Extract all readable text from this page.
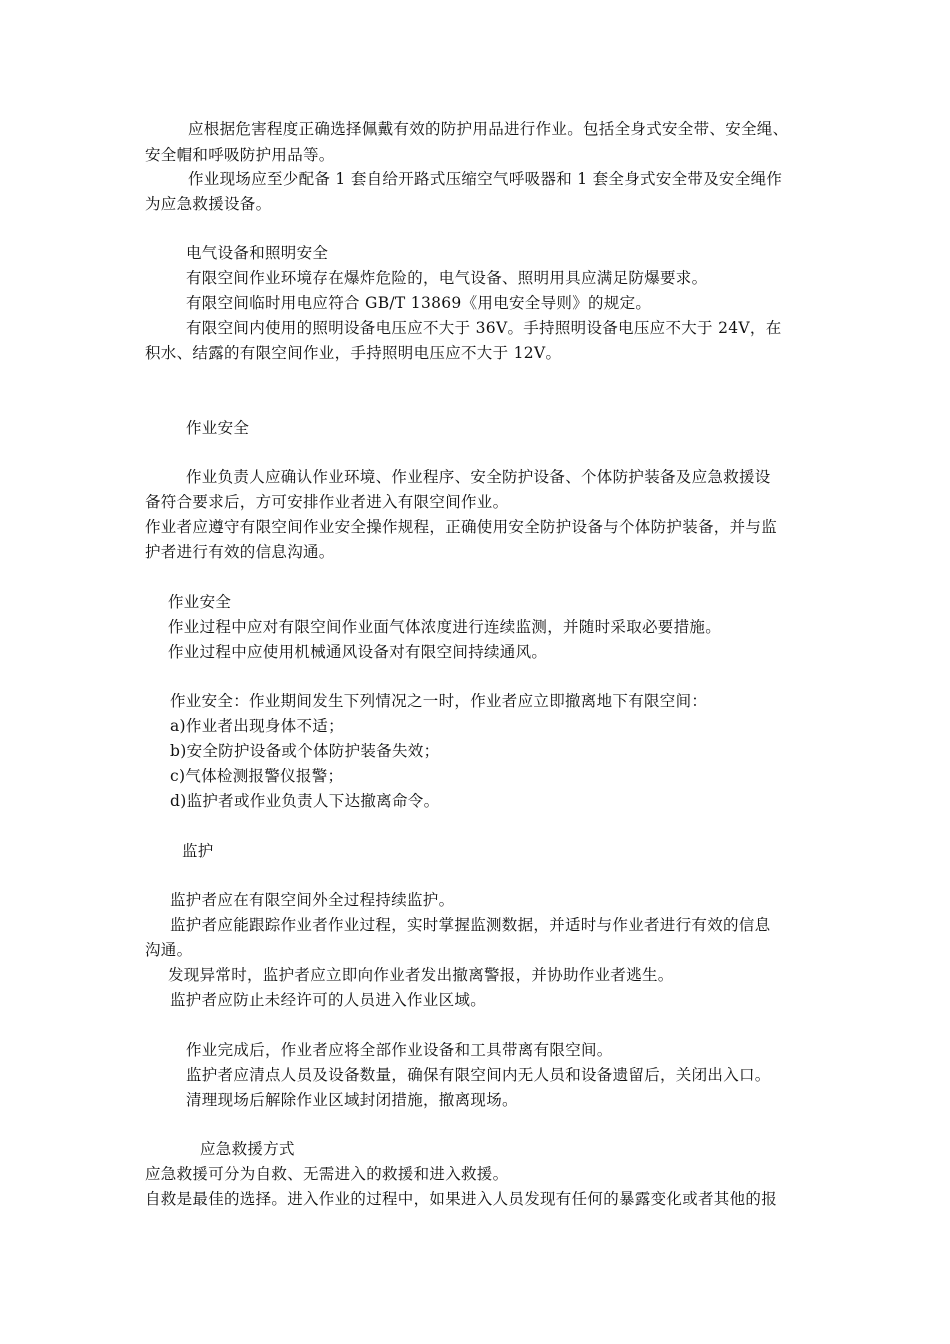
应根据危害程度正确选择佩戴有效的防护用品进行作业。包括全身式安全带、安全绳、
安全帽和呼吸防护用品等。
作业现场应至少配备 1 套自给开路式压缩空气呼吸器和 1 套全身式安全带及安全绳作
为应急救援设备。
电气设备和照明安全
有限空间作业环境存在爆炸危险的，电气设备、照明用具应满足防爆要求。
有限空间临时用电应符合 GB/T 13869《用电安全导则》的规定。
有限空间内使用的照明设备电压应不大于 36V。手持照明设备电压应不大于 24V，在
积水、结露的有限空间作业，手持照明电压应不大于 12V。
作业安全
作业负责人应确认作业环境、作业程序、安全防护设备、个体防护装备及应急救援设
备符合要求后，方可安排作业者进入有限空间作业。
作业者应遵守有限空间作业安全操作规程，正确使用安全防护设备与个体防护装备，并与监
护者进行有效的信息沟通。
作业安全
作业过程中应对有限空间作业面气体浓度进行连续监测，并随时采取必要措施。
作业过程中应使用机械通风设备对有限空间持续通风。
作业安全：作业期间发生下列情况之一时，作业者应立即撤离地下有限空间：
a)作业者出现身体不适；
b)安全防护设备或个体防护装备失效；
c)气体检测报警仪报警；
d)监护者或作业负责人下达撤离命令。
监护
监护者应在有限空间外全过程持续监护。
监护者应能跟踪作业者作业过程，实时掌握监测数据，并适时与作业者进行有效的信息
沟通。
发现异常时，监护者应立即向作业者发出撤离警报，并协助作业者逃生。
监护者应防止未经许可的人员进入作业区域。
作业完成后，作业者应将全部作业设备和工具带离有限空间。
监护者应清点人员及设备数量，确保有限空间内无人员和设备遗留后，关闭出入口。
清理现场后解除作业区域封闭措施，撤离现场。
应急救援方式
应急救援可分为自救、无需进入的救援和进入救援。
自救是最佳的选择。进入作业的过程中，如果进入人员发现有任何的暴露变化或者其他的报
